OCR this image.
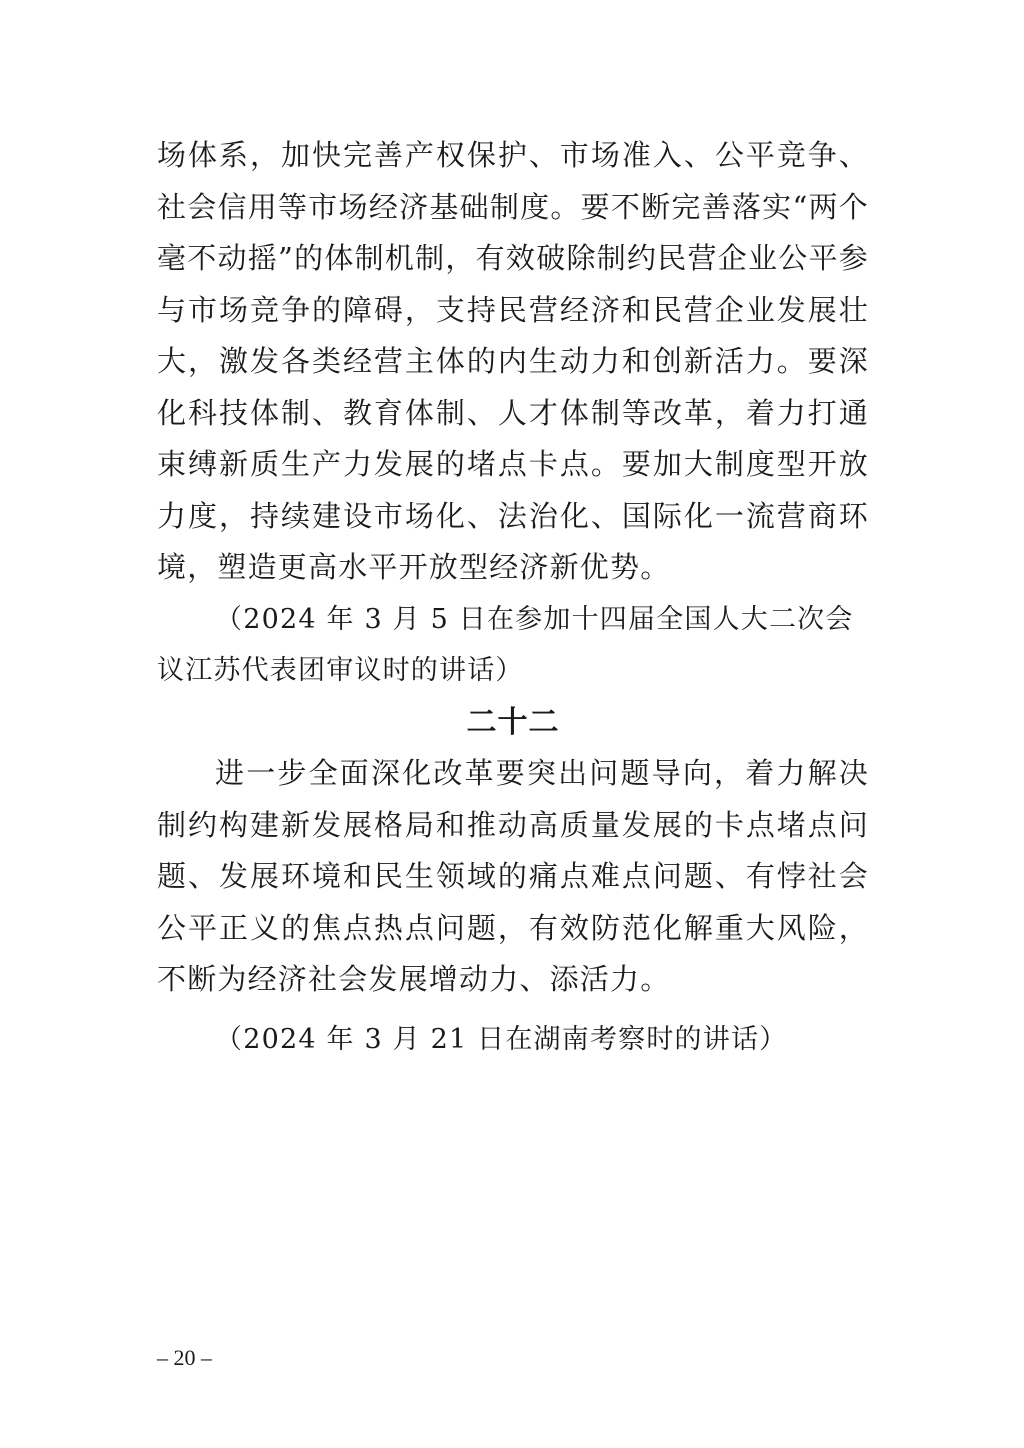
场体系，加快完善产权保护、市场准入、公平竞争、社会信用等市场经济基础制度。要不断完善落实“两个毫不动摇”的体制机制，有效破除制约民营企业公平参与市场竞争的障碍，支持民营经济和民营企业发展壮大，激发各类经营主体的内生动力和创新活力。要深化科技体制、教育体制、人才体制等改革，着力打通束缚新质生产力发展的堵点卡点。要加大制度型开放力度，持续建设市场化、法治化、国际化一流营商环境，塑造更高水平开放型经济新优势。

（2024 年 3 月 5 日在参加十四届全国人大二次会议江苏代表团审议时的讲话）

二十二

进一步全面深化改革要突出问题导向，着力解决制约构建新发展格局和推动高质量发展的卡点堵点问题、发展环境和民生领域的痛点难点问题、有悖社会公平正义的焦点热点问题，有效防范化解重大风险，不断为经济社会发展增动力、添活力。

（2024 年 3 月 21 日在湖南考察时的讲话）

– 20 –
